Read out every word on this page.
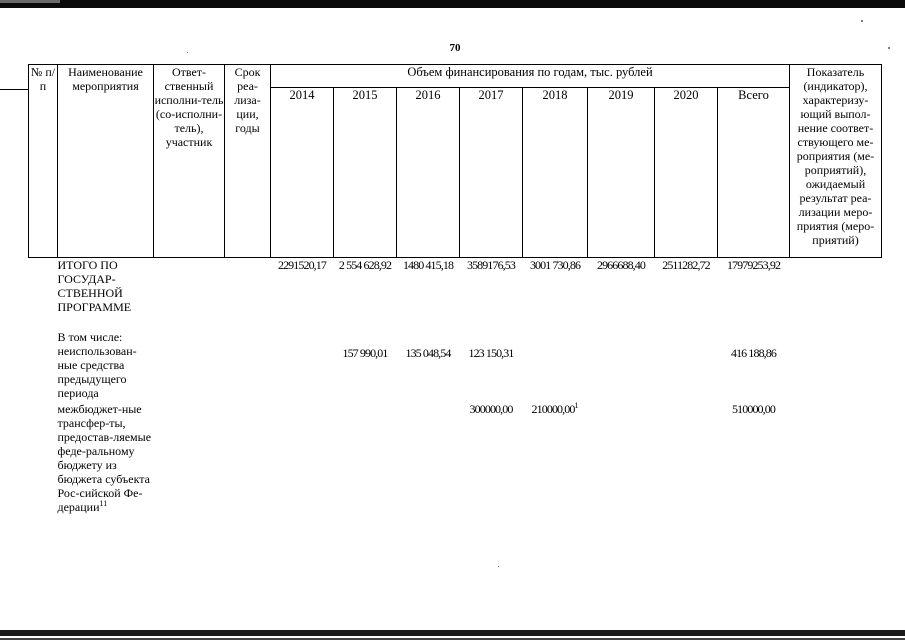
70
№ п/п	Наименование мероприятия	Ответ-ственный исполни-тель (со-исполни-тель), участник	Срок реа-лиза-ции, годы	Объем финансирования по годам, тыс. рублей								Показатель (индикатор), характеризу-ющий выпол-нение соответ-ствующего ме-роприятия (ме-роприятий), ожидаемый результат реа-лизации меро-приятия (меро-приятий)
				2014	2015	2016	2017	2018	2019	2020	Всего	
	ИТОГО ПО ГОСУДАР-СТВЕННОЙ ПРОГРАММЕ			2291520,17	2 554 628,92	1480 415,18	3589176,53	3001 730,86	2966688,40	2511282,72	17979253,92	
	В том числе: неиспользован-ные средства предыдущего периода				157 990,01	135 048,54	123 150,31				416 188,86	
	межбюджет-ные трансфер-ты, предостав-ляемые феде-ральному бюджету из бюджета субъекта Рос-сийской Фе-дерации$^{11}$						300000,00	210000,00$^1$			510000,00	
